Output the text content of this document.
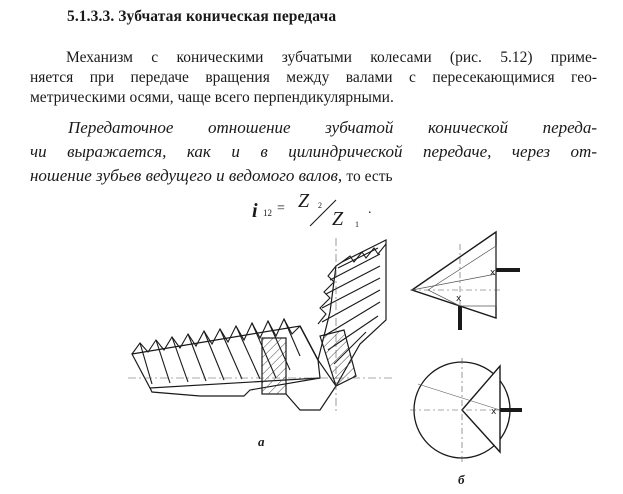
5.1.3.3. Зубчатая коническая передача
Механизм с коническими зубчатыми колесами (рис. 5.12) приме-
няется при передаче вращения между валами с пересекающимися гео-
метрическими осями, чаще всего перпендикулярными.
Передаточное отношение зубчатой конической переда-
чи выражается, как и в цилиндрической передаче, через от-
ношение зубьев ведущего и ведомого валов, то есть
i 12 = Z 2
Z 1
.
x
x
x
а
б
